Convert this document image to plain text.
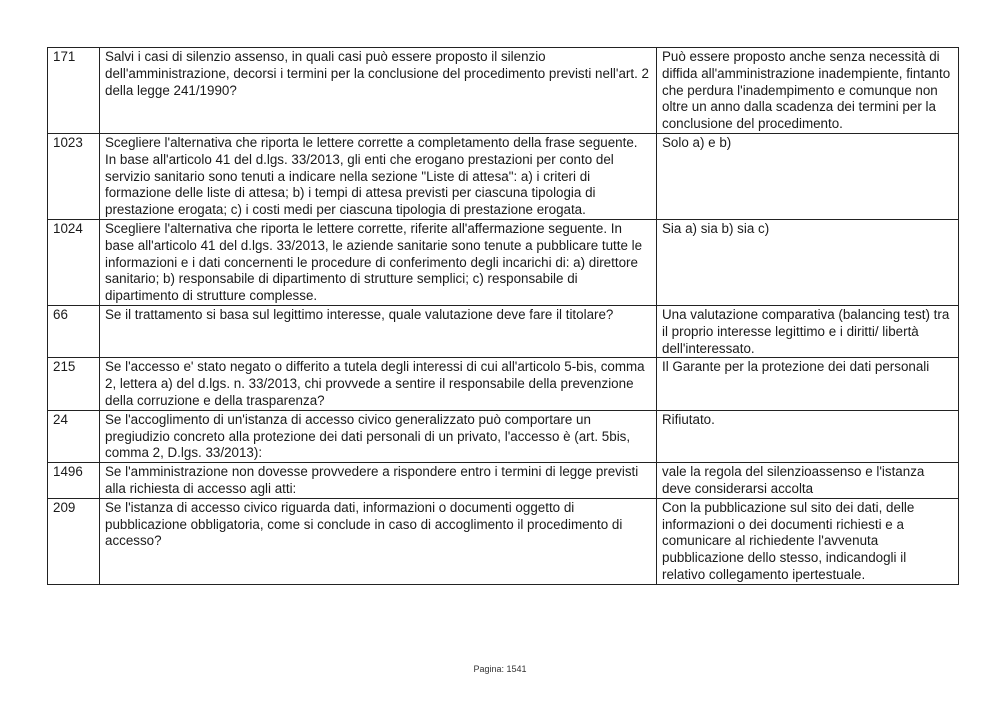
171	Salvi i casi di silenzio assenso, in quali casi può essere proposto il silenzio dell'amministrazione, decorsi i termini per la conclusione del procedimento previsti nell'art. 2 della legge 241/1990?	Può essere proposto anche senza necessità di diffida all'amministrazione inadempiente, fintanto che perdura l'inadempimento e comunque non oltre un anno dalla scadenza dei termini per la conclusione del procedimento.
1023	Scegliere l'alternativa che riporta le lettere corrette a completamento della frase seguente. In base all'articolo 41 del d.lgs. 33/2013, gli enti che erogano prestazioni per conto del servizio sanitario sono tenuti a indicare nella sezione "Liste di attesa": a) i criteri di formazione delle liste di attesa; b) i tempi di attesa previsti per ciascuna tipologia di prestazione erogata; c) i costi medi per ciascuna tipologia di prestazione erogata.	Solo a) e b)
1024	Scegliere l'alternativa che riporta le lettere corrette, riferite all'affermazione seguente. In base all'articolo 41 del d.lgs. 33/2013, le aziende sanitarie sono tenute a pubblicare tutte le informazioni e i dati concernenti le procedure di conferimento degli incarichi di: a) direttore sanitario; b) responsabile di dipartimento di strutture semplici; c) responsabile di dipartimento di strutture complesse.	Sia a) sia b) sia c)
66	Se il trattamento si basa sul legittimo interesse, quale valutazione deve fare il titolare?	Una valutazione comparativa (balancing test) tra il proprio interesse legittimo e i diritti/ libertà dell'interessato.
215	Se l'accesso e' stato negato o differito a tutela degli interessi di cui all'articolo 5-bis, comma 2, lettera a) del d.lgs. n. 33/2013, chi provvede a sentire il responsabile della prevenzione della corruzione e della trasparenza?	Il Garante per la protezione dei dati personali
24	Se l'accoglimento di un'istanza di accesso civico generalizzato può comportare un pregiudizio concreto alla protezione dei dati personali di un privato, l'accesso è (art. 5bis, comma 2, D.lgs. 33/2013):	Rifiutato.
1496	Se l'amministrazione non dovesse provvedere a rispondere entro i termini di legge previsti alla richiesta di accesso agli atti:	vale la regola del silenzioassenso e l'istanza deve considerarsi accolta
209	Se l'istanza di accesso civico riguarda dati, informazioni o documenti oggetto di pubblicazione obbligatoria, come si conclude in caso di accoglimento il procedimento di accesso?	Con la pubblicazione sul sito dei dati, delle informazioni o dei documenti richiesti e a comunicare al richiedente l'avvenuta pubblicazione dello stesso, indicandogli il relativo collegamento ipertestuale.
Pagina: 1541
